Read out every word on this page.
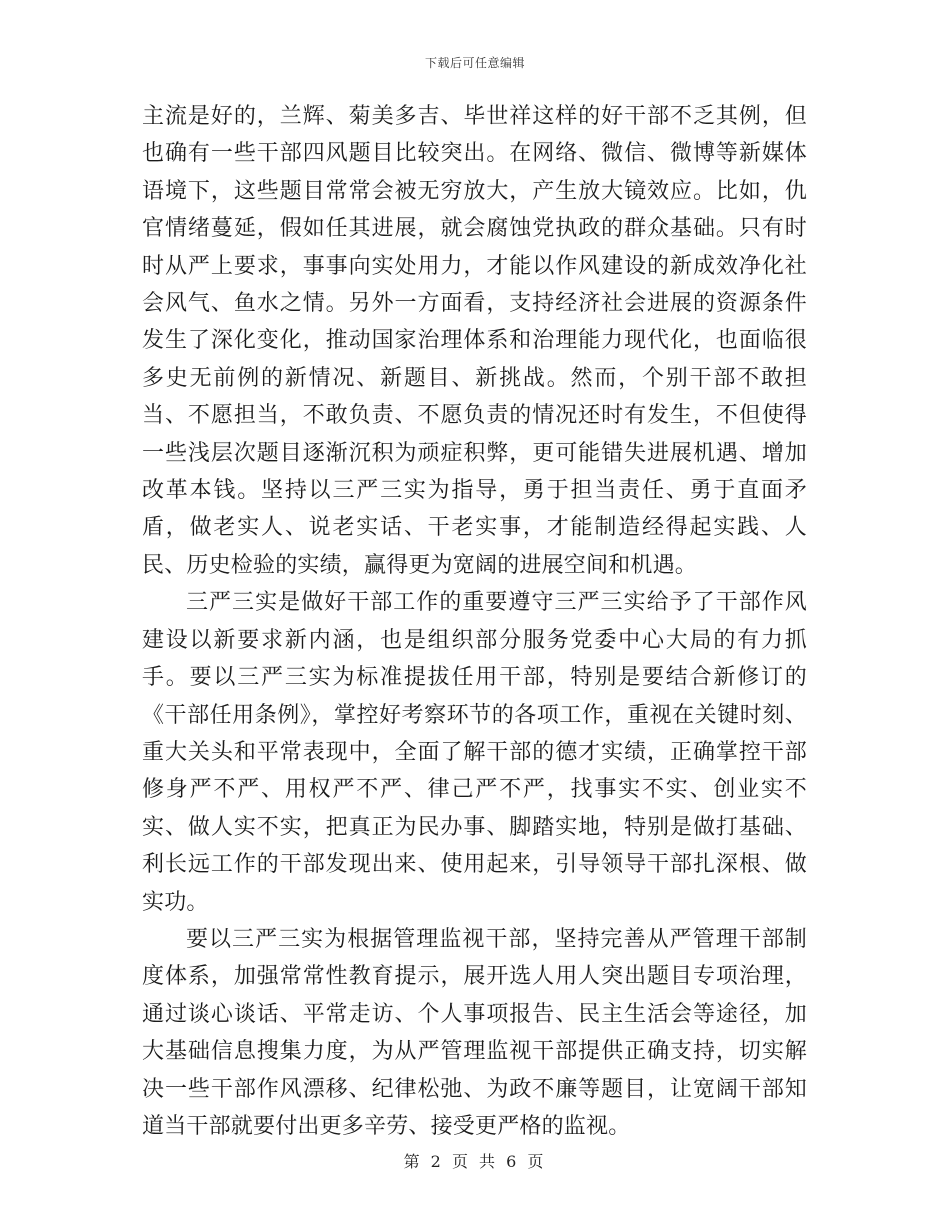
下载后可任意编辑

主流是好的，兰辉、菊美多吉、毕世祥这样的好干部不乏其例，但也确有一些干部四风题目比较突出。在网络、微信、微博等新媒体语境下，这些题目常常会被无穷放大，产生放大镜效应。比如，仇官情绪蔓延，假如任其进展，就会腐蚀党执政的群众基础。只有时时从严上要求，事事向实处用力，才能以作风建设的新成效净化社会风气、鱼水之情。另外一方面看，支持经济社会进展的资源条件发生了深化变化，推动国家治理体系和治理能力现代化，也面临很多史无前例的新情况、新题目、新挑战。然而，个别干部不敢担当、不愿担当，不敢负责、不愿负责的情况还时有发生，不但使得一些浅层次题目逐渐沉积为顽症积弊，更可能错失进展机遇、增加改革本钱。坚持以三严三实为指导，勇于担当责任、勇于直面矛盾，做老实人、说老实话、干老实事，才能制造经得起实践、人民、历史检验的实绩，赢得更为宽阔的进展空间和机遇。

三严三实是做好干部工作的重要遵守三严三实给予了干部作风建设以新要求新内涵，也是组织部分服务党委中心大局的有力抓手。要以三严三实为标准提拔任用干部，特别是要结合新修订的《干部任用条例》，掌控好考察环节的各项工作，重视在关键时刻、重大关头和平常表现中，全面了解干部的德才实绩，正确掌控干部修身严不严、用权严不严、律己严不严，找事实不实、创业实不实、做人实不实，把真正为民办事、脚踏实地，特别是做打基础、利长远工作的干部发现出来、使用起来，引导领导干部扎深根、做实功。

要以三严三实为根据管理监视干部，坚持完善从严管理干部制度体系，加强常常性教育提示，展开选人用人突出题目专项治理，通过谈心谈话、平常走访、个人事项报告、民主生活会等途径，加大基础信息搜集力度，为从严管理监视干部提供正确支持，切实解决一些干部作风漂移、纪律松弛、为政不廉等题目，让宽阔干部知道当干部就要付出更多辛劳、接受更严格的监视。

第 2 页 共 6 页
